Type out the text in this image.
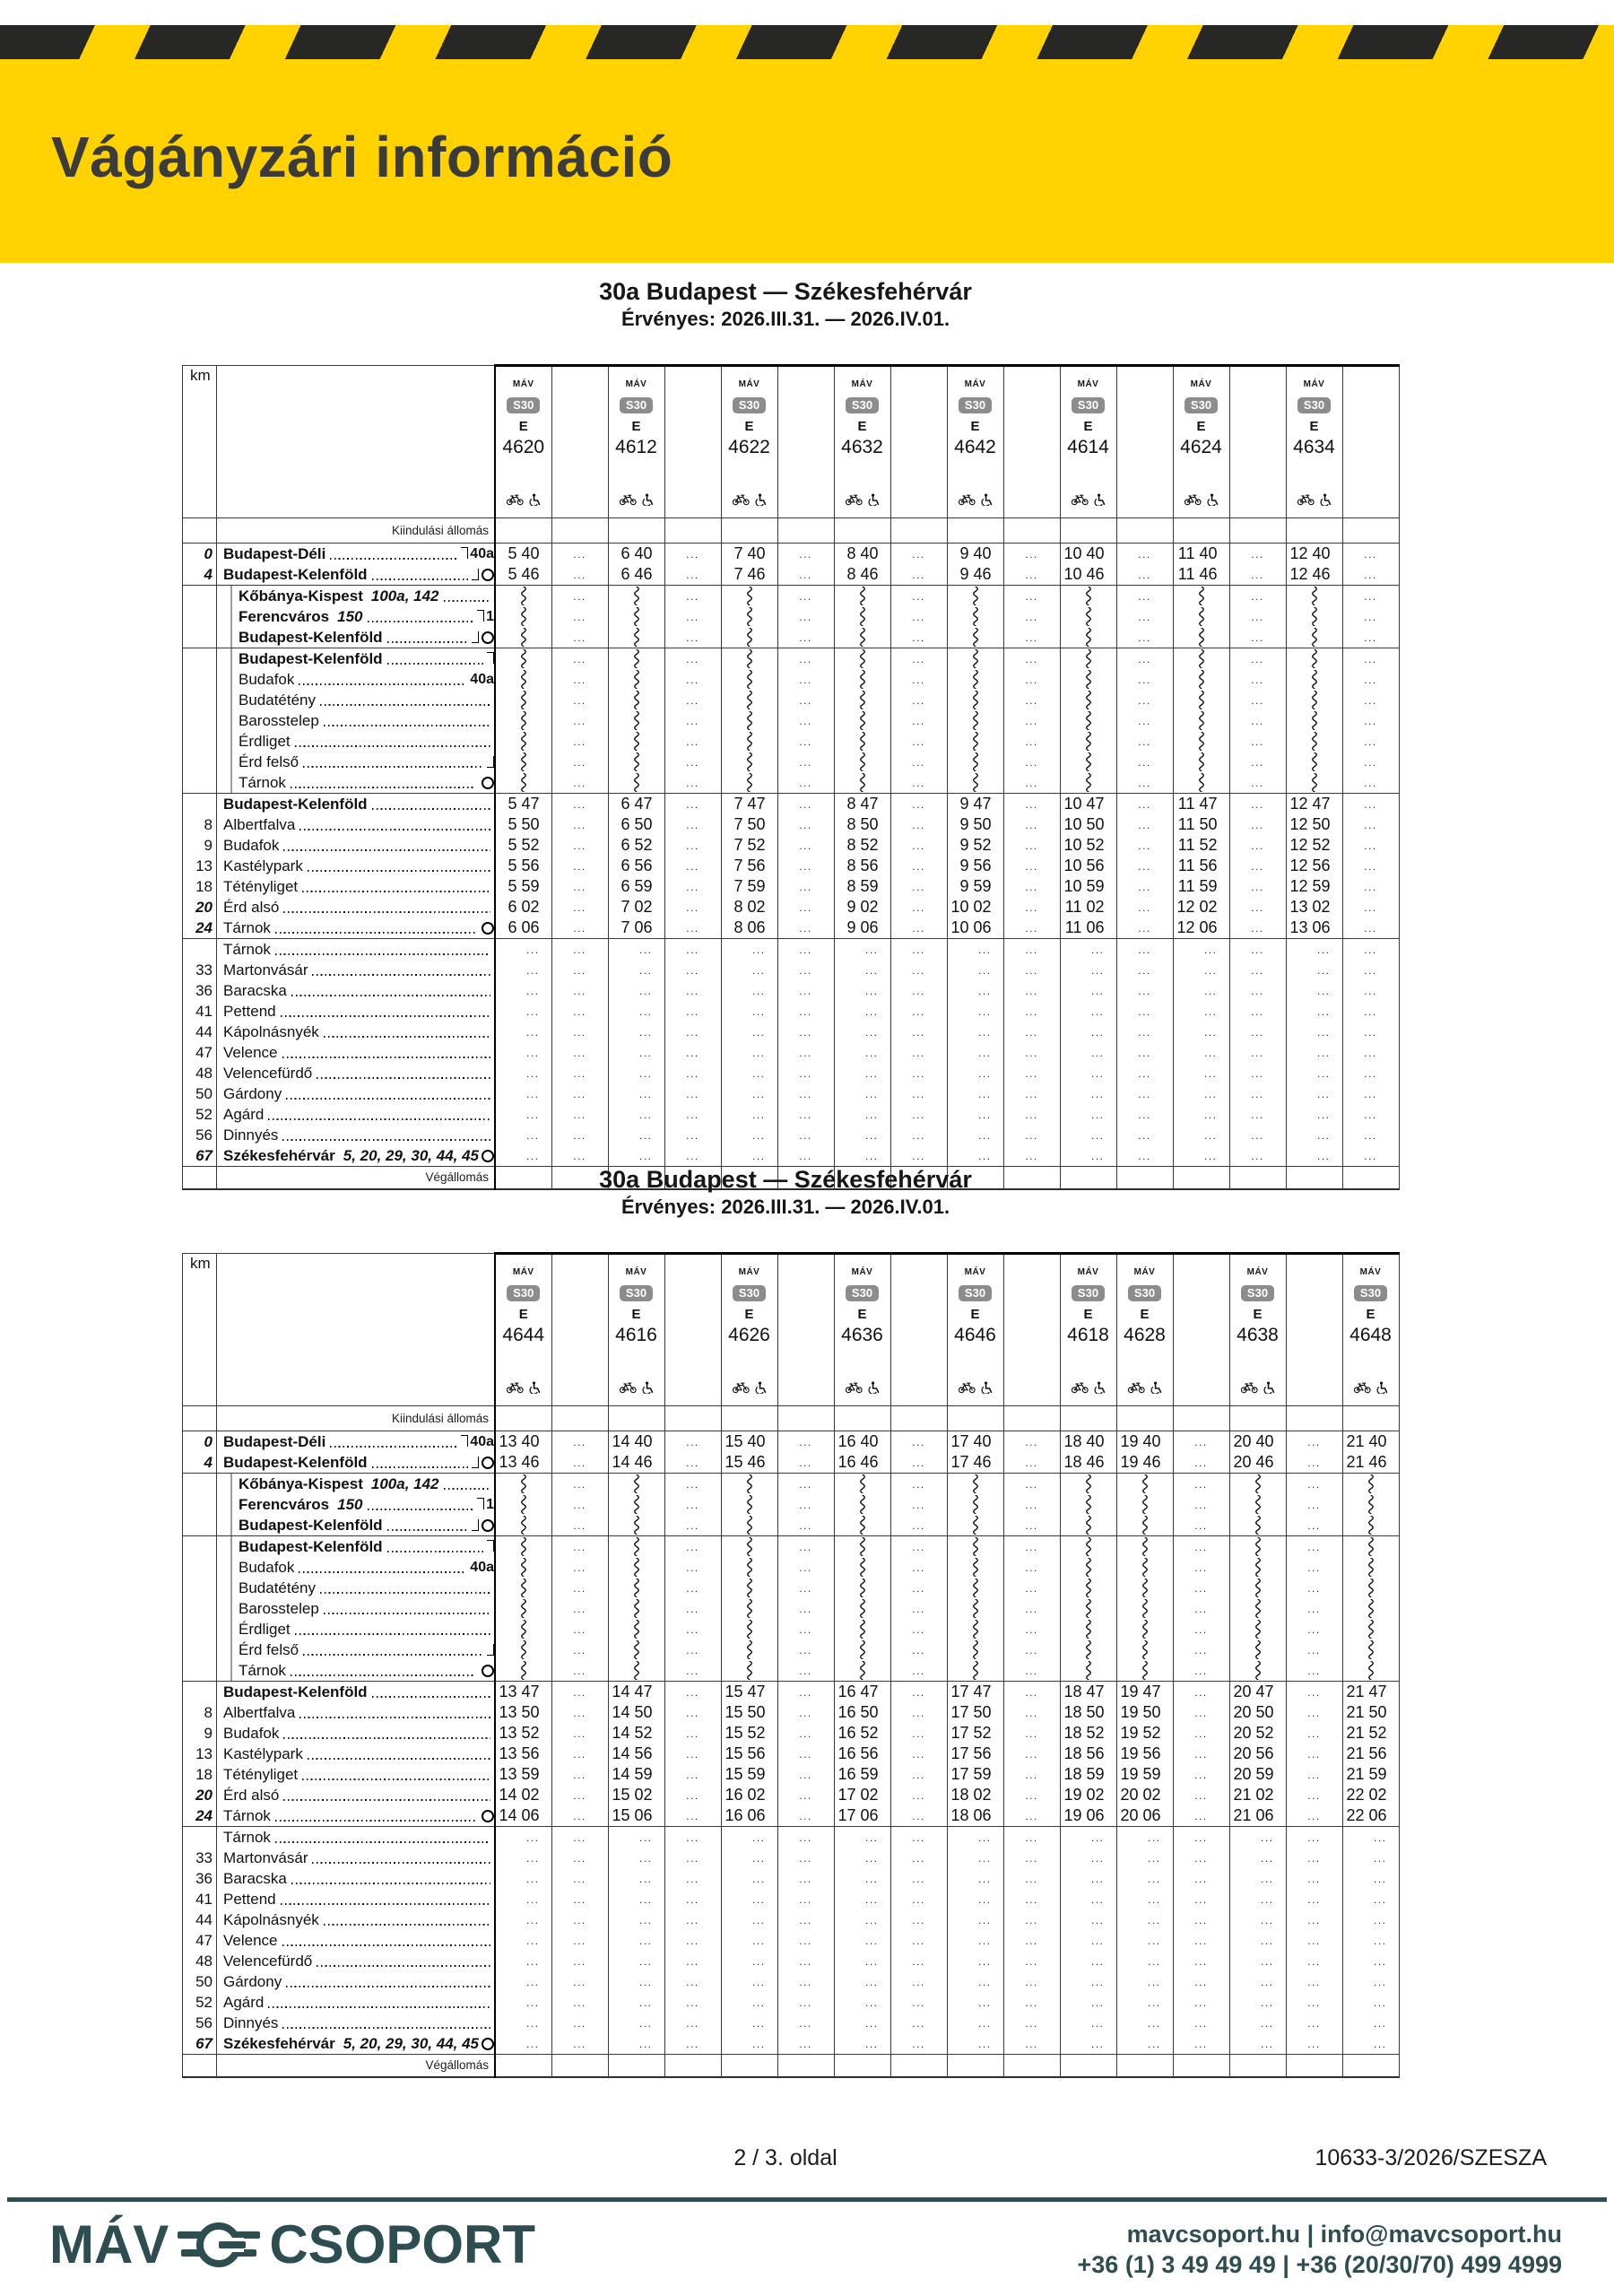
Vágányzári információ
30a Budapest — Székesfehérvár
Érvényes: 2026.III.31. — 2026.IV.01.
km		
MÁV
S30
E
4620

MÁV
S30
E
4612

MÁV
S30
E
4622

MÁV
S30
E
4632

MÁV
S30
E
4642

MÁV
S30
E
4614

MÁV
S30
E
4624

MÁV
S30
E
4634

	Kiindulási állomás																
0	Budapest-Déli 40a	5 40	...	6 40	...	7 40	...	8 40	...	9 40	...	10 40	...	11 40	...	12 40	...
4	Budapest-Kelenföld	5 46	...	6 46	...	7 46	...	8 46	...	9 46	...	10 46	...	11 46	...	12 46	...

	Kőbánya-Kispest 100a, 142		...		...		...		...		...		...		...		...

	Ferencváros 150 1		...		...		...		...		...		...		...		...

	Budapest-Kelenföld		...		...		...		...		...		...		...		...

	Budapest-Kelenföld		...		...		...		...		...		...		...		...

	Budafok 40a		...		...		...		...		...		...		...		...

	Budatétény		...		...		...		...		...		...		...		...

	Barosstelep		...		...		...		...		...		...		...		...

	Érdliget		...		...		...		...		...		...		...		...

	Érd felső		...		...		...		...		...		...		...		...

	Tárnok		...		...		...		...		...		...		...		...

	Budapest-Kelenföld	5 47	...	6 47	...	7 47	...	8 47	...	9 47	...	10 47	...	11 47	...	12 47	...
8	Albertfalva	5 50	...	6 50	...	7 50	...	8 50	...	9 50	...	10 50	...	11 50	...	12 50	...
9	Budafok	5 52	...	6 52	...	7 52	...	8 52	...	9 52	...	10 52	...	11 52	...	12 52	...
13	Kastélypark	5 56	...	6 56	...	7 56	...	8 56	...	9 56	...	10 56	...	11 56	...	12 56	...
18	Tétényliget	5 59	...	6 59	...	7 59	...	8 59	...	9 59	...	10 59	...	11 59	...	12 59	...
20	Érd alsó	6 02	...	7 02	...	8 02	...	9 02	...	10 02	...	11 02	...	12 02	...	13 02	...
24	Tárnok	6 06	...	7 06	...	8 06	...	9 06	...	10 06	...	11 06	...	12 06	...	13 06	...

	Tárnok	...	...	...	...	...	...	...	...	...	...	...	...	...	...	...	...
33	Martonvásár	...	...	...	...	...	...	...	...	...	...	...	...	...	...	...	...
36	Baracska	...	...	...	...	...	...	...	...	...	...	...	...	...	...	...	...
41	Pettend	...	...	...	...	...	...	...	...	...	...	...	...	...	...	...	...
44	Kápolnásnyék	...	...	...	...	...	...	...	...	...	...	...	...	...	...	...	...
47	Velence	...	...	...	...	...	...	...	...	...	...	...	...	...	...	...	...
48	Velencefürdő	...	...	...	...	...	...	...	...	...	...	...	...	...	...	...	...
50	Gárdony	...	...	...	...	...	...	...	...	...	...	...	...	...	...	...	...
52	Agárd	...	...	...	...	...	...	...	...	...	...	...	...	...	...	...	...
56	Dinnyés	...	...	...	...	...	...	...	...	...	...	...	...	...	...	...	...
67	Székesfehérvár 5, 20, 29, 30, 44, 45	...	...	...	...	...	...	...	...	...	...	...	...	...	...	...	...
	Végállomás																	30a Budapest — Székesfehérvár
Érvényes: 2026.III.31. — 2026.IV.01.
km		
MÁV
S30
E
4644

MÁV
S30
E
4616

MÁV
S30
E
4626

MÁV
S30
E
4636

MÁV
S30
E
4646

MÁV
S30
E
4618

MÁV
S30
E
4628

MÁV
S30
E
4638

MÁV
S30
E
4648

	Kiindulási állomás																
0	Budapest-Déli 40a	13 40	...	14 40	...	15 40	...	16 40	...	17 40	...	18 40	19 40	...	20 40	...	21 40
4	Budapest-Kelenföld	13 46	...	14 46	...	15 46	...	16 46	...	17 46	...	18 46	19 46	...	20 46	...	21 46

	Kőbánya-Kispest 100a, 142		...		...		...		...		...			...		...	

	Ferencváros 150 1		...		...		...		...		...			...		...	

	Budapest-Kelenföld		...		...		...		...		...			...		...	

	Budapest-Kelenföld		...		...		...		...		...			...		...	

	Budafok 40a		...		...		...		...		...			...		...	

	Budatétény		...		...		...		...		...			...		...	

	Barosstelep		...		...		...		...		...			...		...	

	Érdliget		...		...		...		...		...			...		...	

	Érd felső		...		...		...		...		...			...		...	

	Tárnok		...		...		...		...		...			...		...	

	Budapest-Kelenföld	13 47	...	14 47	...	15 47	...	16 47	...	17 47	...	18 47	19 47	...	20 47	...	21 47
8	Albertfalva	13 50	...	14 50	...	15 50	...	16 50	...	17 50	...	18 50	19 50	...	20 50	...	21 50
9	Budafok	13 52	...	14 52	...	15 52	...	16 52	...	17 52	...	18 52	19 52	...	20 52	...	21 52
13	Kastélypark	13 56	...	14 56	...	15 56	...	16 56	...	17 56	...	18 56	19 56	...	20 56	...	21 56
18	Tétényliget	13 59	...	14 59	...	15 59	...	16 59	...	17 59	...	18 59	19 59	...	20 59	...	21 59
20	Érd alsó	14 02	...	15 02	...	16 02	...	17 02	...	18 02	...	19 02	20 02	...	21 02	...	22 02
24	Tárnok	14 06	...	15 06	...	16 06	...	17 06	...	18 06	...	19 06	20 06	...	21 06	...	22 06

	Tárnok	...	...	...	...	...	...	...	...	...	...	...	...	...	...	...	...
33	Martonvásár	...	...	...	...	...	...	...	...	...	...	...	...	...	...	...	...
36	Baracska	...	...	...	...	...	...	...	...	...	...	...	...	...	...	...	...
41	Pettend	...	...	...	...	...	...	...	...	...	...	...	...	...	...	...	...
44	Kápolnásnyék	...	...	...	...	...	...	...	...	...	...	...	...	...	...	...	...
47	Velence	...	...	...	...	...	...	...	...	...	...	...	...	...	...	...	...
48	Velencefürdő	...	...	...	...	...	...	...	...	...	...	...	...	...	...	...	...
50	Gárdony	...	...	...	...	...	...	...	...	...	...	...	...	...	...	...	...
52	Agárd	...	...	...	...	...	...	...	...	...	...	...	...	...	...	...	...
56	Dinnyés	...	...	...	...	...	...	...	...	...	...	...	...	...	...	...	...
67	Székesfehérvár 5, 20, 29, 30, 44, 45	...	...	...	...	...	...	...	...	...	...	...	...	...	...	...	...
	Végállomás																
2 / 3. oldal	10633-3/2026/SZESZA
MÁV CSOPORT	mavcsoport.hu | info@mavcsoport.hu
+36 (1) 3 49 49 49 | +36 (20/30/70) 499 4999
